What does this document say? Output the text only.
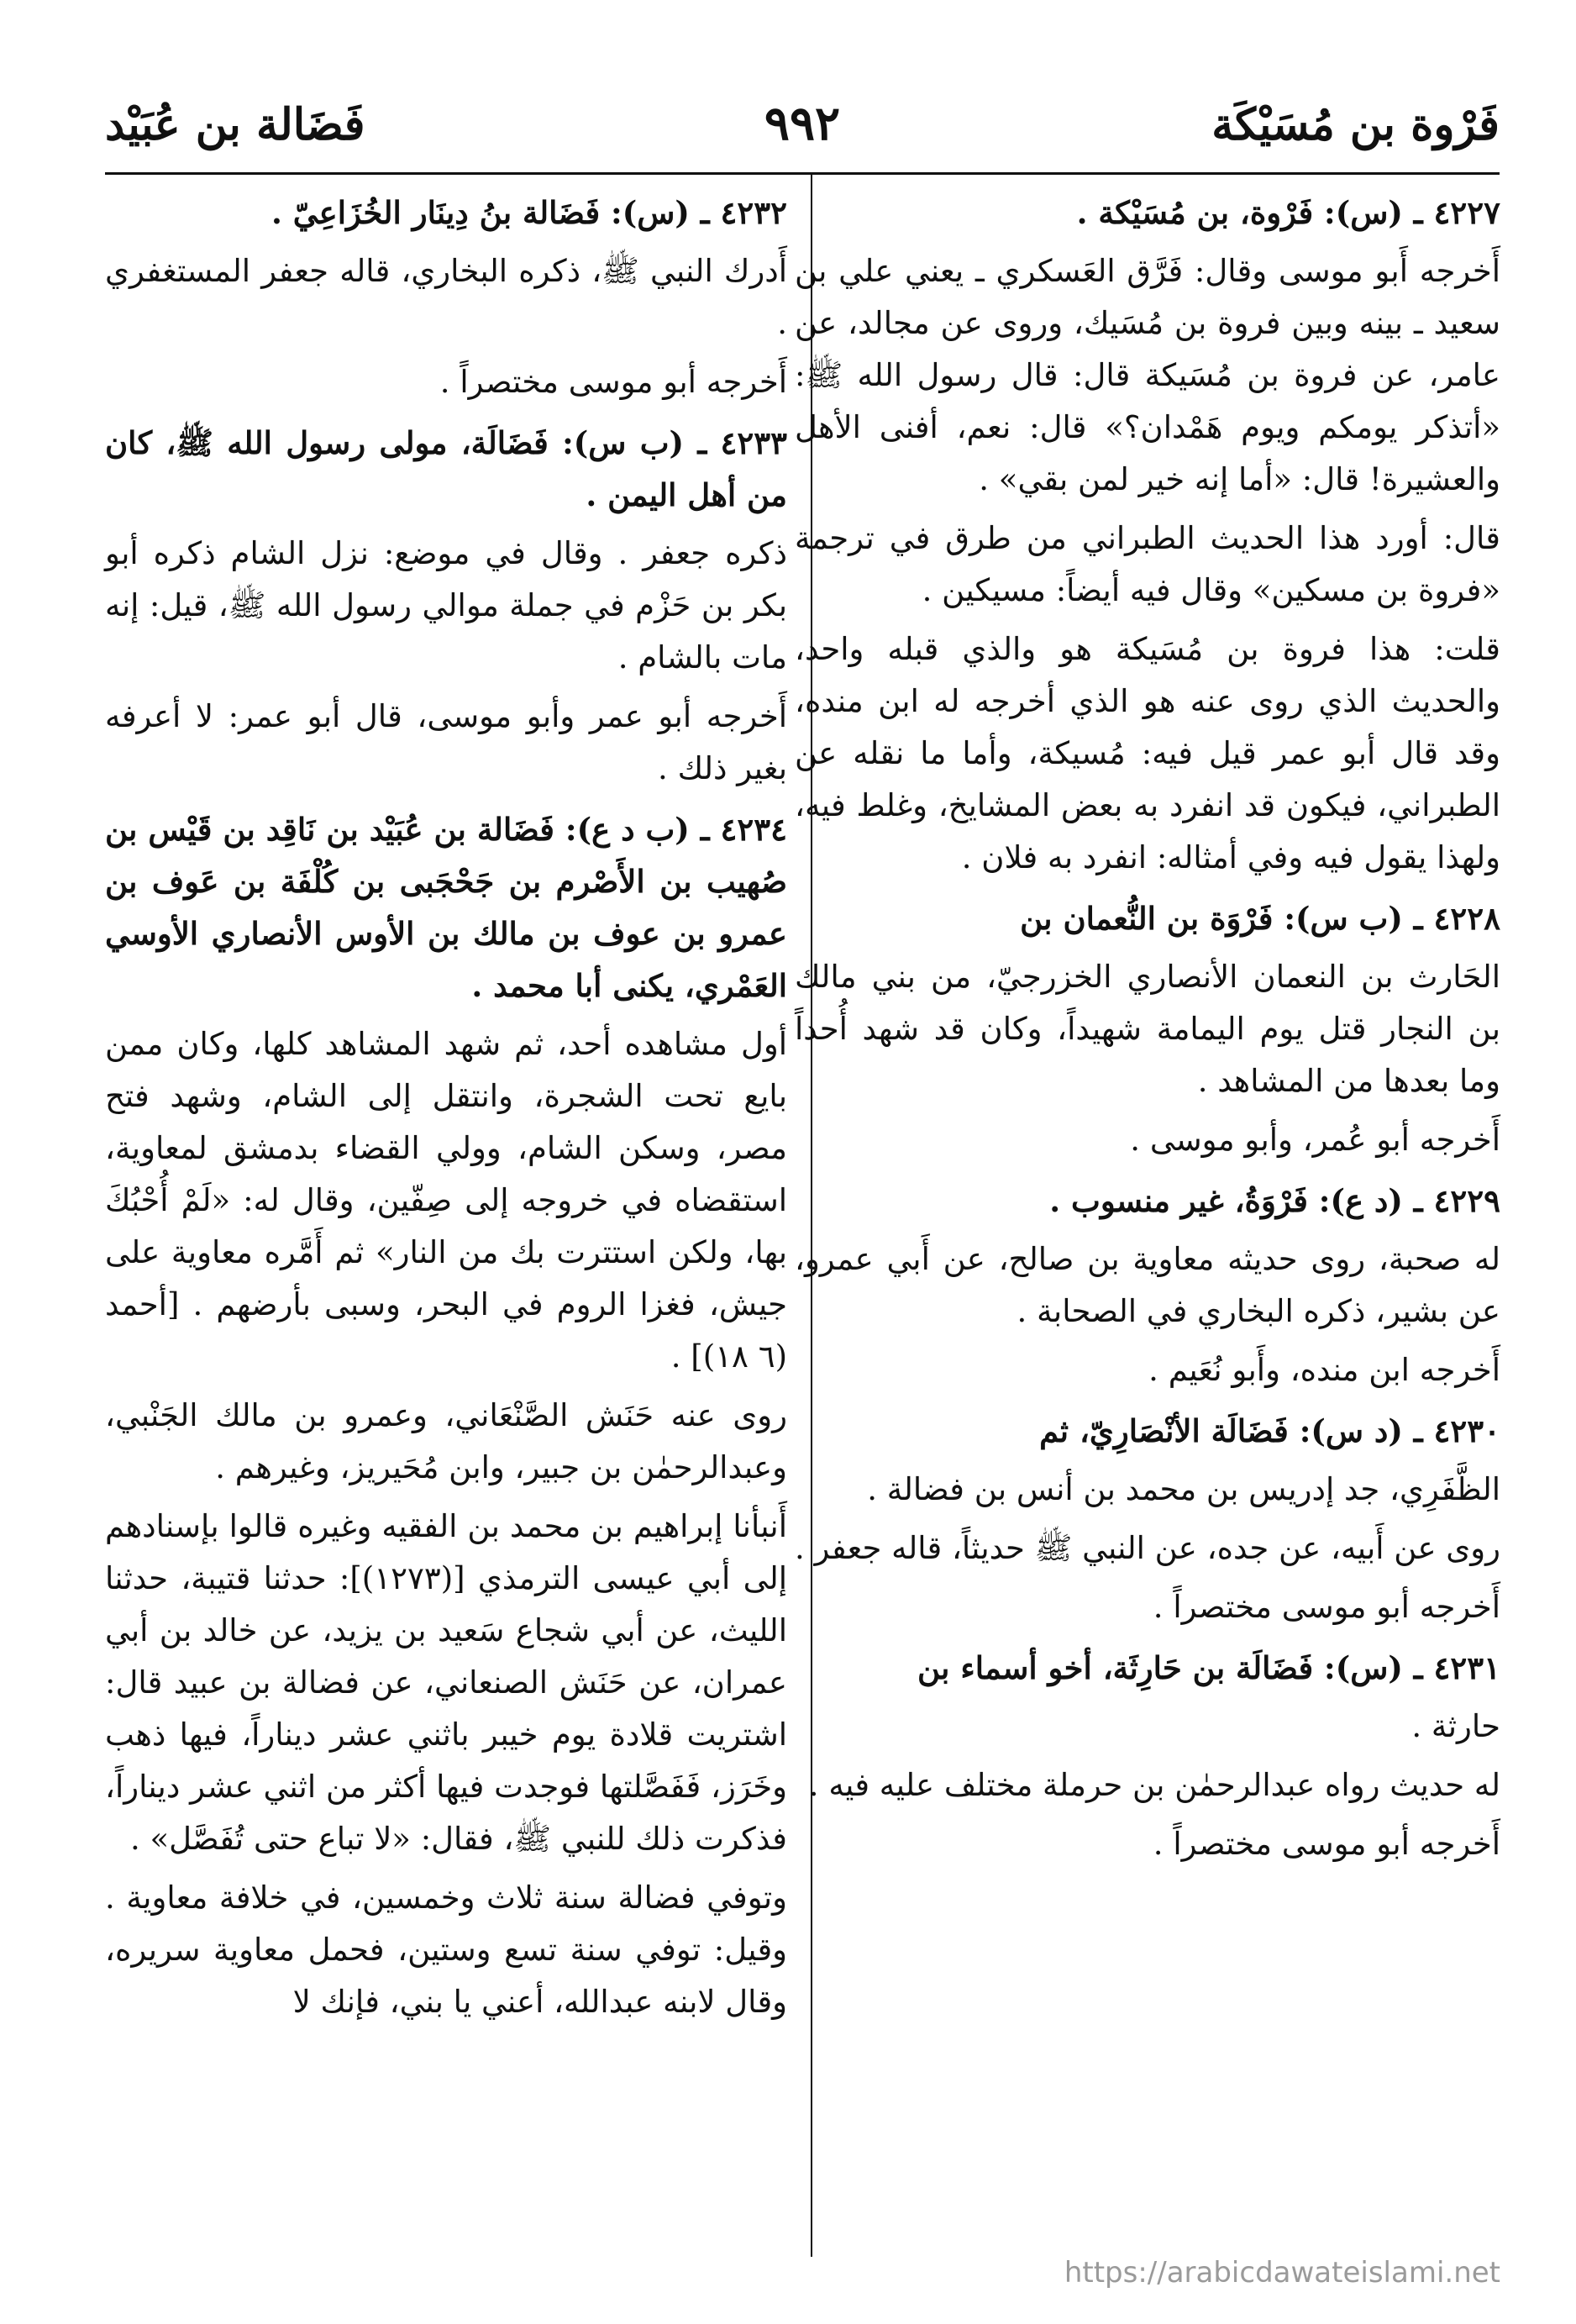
فَرْوة بن مُسَيْكَة
٩٩٢
فَضَالة بن عُبَيْد

٤٢٢٧ ـ (س): فَرْوة، بن مُسَيْكة .

أَخرجه أَبو موسى وقال: فَرَّق العَسكري ـ يعني علي بن سعيد ـ بينه وبين فروة بن مُسَيك، وروى عن مجالد، عن عامر، عن فروة بن مُسَيكة قال: قال رسول الله ﷺ: «أتذكر يومكم ويوم هَمْدان؟» قال: نعم، أفنى الأهل والعشيرة! قال: «أما إنه خير لمن بقي» .

قال: أورد هذا الحديث الطبراني من طرق في ترجمة «فروة بن مسكين» وقال فيه أيضاً: مسيكين .

قلت: هذا فروة بن مُسَيكة هو والذي قبله واحد، والحديث الذي روى عنه هو الذي أخرجه له ابن منده، وقد قال أبو عمر قيل فيه: مُسيكة، وأما ما نقله عن الطبراني، فيكون قد انفرد به بعض المشايخ، وغلط فيه، ولهذا يقول فيه وفي أمثاله: انفرد به فلان .

٤٢٢٨ ـ (ب س): فَرْوَة بن النُّعمان بن

الحَارث بن النعمان الأنصاري الخزرجيّ، من بني مالك بن النجار قتل يوم اليمامة شهيداً، وكان قد شهد أُحداً وما بعدها من المشاهد .

أَخرجه أبو عُمر، وأبو موسى .

٤٢٢٩ ـ (د ع): فَرْوَةُ، غير منسوب .

له صحبة، روى حديثه معاوية بن صالح، عن أَبي عمرو، عن بشير، ذكره البخاري في الصحابة .

أَخرجه ابن منده، وأَبو نُعَيم .

٤٢٣٠ ـ (د س): فَضَالَة الأنْصَارِيّ، ثم

الظَّفَرِي، جد إدريس بن محمد بن أنس بن فضالة .

روى عن أَبيه، عن جده، عن النبي ﷺ حديثاً، قاله جعفر .

أَخرجه أبو موسى مختصراً .

٤٢٣١ ـ (س): فَضَالَة بن حَارِثَة، أخو أسماء بن

حارثة .

له حديث رواه عبدالرحمٰن بن حرملة مختلف عليه فيه .

أَخرجه أبو موسى مختصراً .

٤٢٣٢ ـ (س): فَضَالة بنُ دِينَار الخُزَاعِيّ .

أَدرك النبي ﷺ، ذكره البخاري، قاله جعفر المستغفري .

أَخرجه أبو موسى مختصراً .

٤٢٣٣ ـ (ب س): فَضَالَة، مولى رسول الله ﷺ، كان من أهل اليمن .

ذكره جعفر . وقال في موضع: نزل الشام ذكره أبو بكر بن حَزْم في جملة موالي رسول الله ﷺ، قيل: إنه مات بالشام .

أَخرجه أبو عمر وأبو موسى، قال أبو عمر: لا أعرفه بغير ذلك .

٤٢٣٤ ـ (ب د ع): فَضَالة بن عُبَيْد بن نَاقِد بن قَيْس بن صُهيب بن الأَصْرم بن جَحْجَبى بن كُلْفَة بن عَوف بن عمرو بن عوف بن مالك بن الأوس الأنصاري الأوسي العَمْري، يكنى أبا محمد .

أول مشاهده أحد، ثم شهد المشاهد كلها، وكان ممن بايع تحت الشجرة، وانتقل إلى الشام، وشهد فتح مصر، وسكن الشام، وولي القضاء بدمشق لمعاوية، استقضاه في خروجه إلى صِفّين، وقال له: «لَمْ أُحْبُكَ بها، ولكن استترت بك من النار» ثم أَمَّره معاوية على جيش، فغزا الروم في البحر، وسبى بأرضهم . [أحمد (٦ ١٨)] .

روى عنه حَنَش الصَّنْعَاني، وعمرو بن مالك الجَنْبي، وعبدالرحمٰن بن جبير، وابن مُحَيريز، وغيرهم .

أَنبأنا إبراهيم بن محمد بن الفقيه وغيره قالوا بإسنادهم إلى أبي عيسى الترمذي [(١٢٧٣)]: حدثنا قتيبة، حدثنا الليث، عن أبي شجاع سَعيد بن يزيد، عن خالد بن أبي عمران، عن حَنَش الصنعاني، عن فضالة بن عبيد قال: اشتريت قلادة يوم خيبر باثني عشر ديناراً، فيها ذهب وخَرَز، فَفَصَّلتها فوجدت فيها أكثر من اثني عشر ديناراً، فذكرت ذلك للنبي ﷺ، فقال: «لا تباع حتى تُفَصَّل» .

وتوفي فضالة سنة ثلاث وخمسين، في خلافة معاوية . وقيل: توفي سنة تسع وستين، فحمل معاوية سريره، وقال لابنه عبدالله، أعني يا بني، فإنك لا

https://arabicdawateislami.net
